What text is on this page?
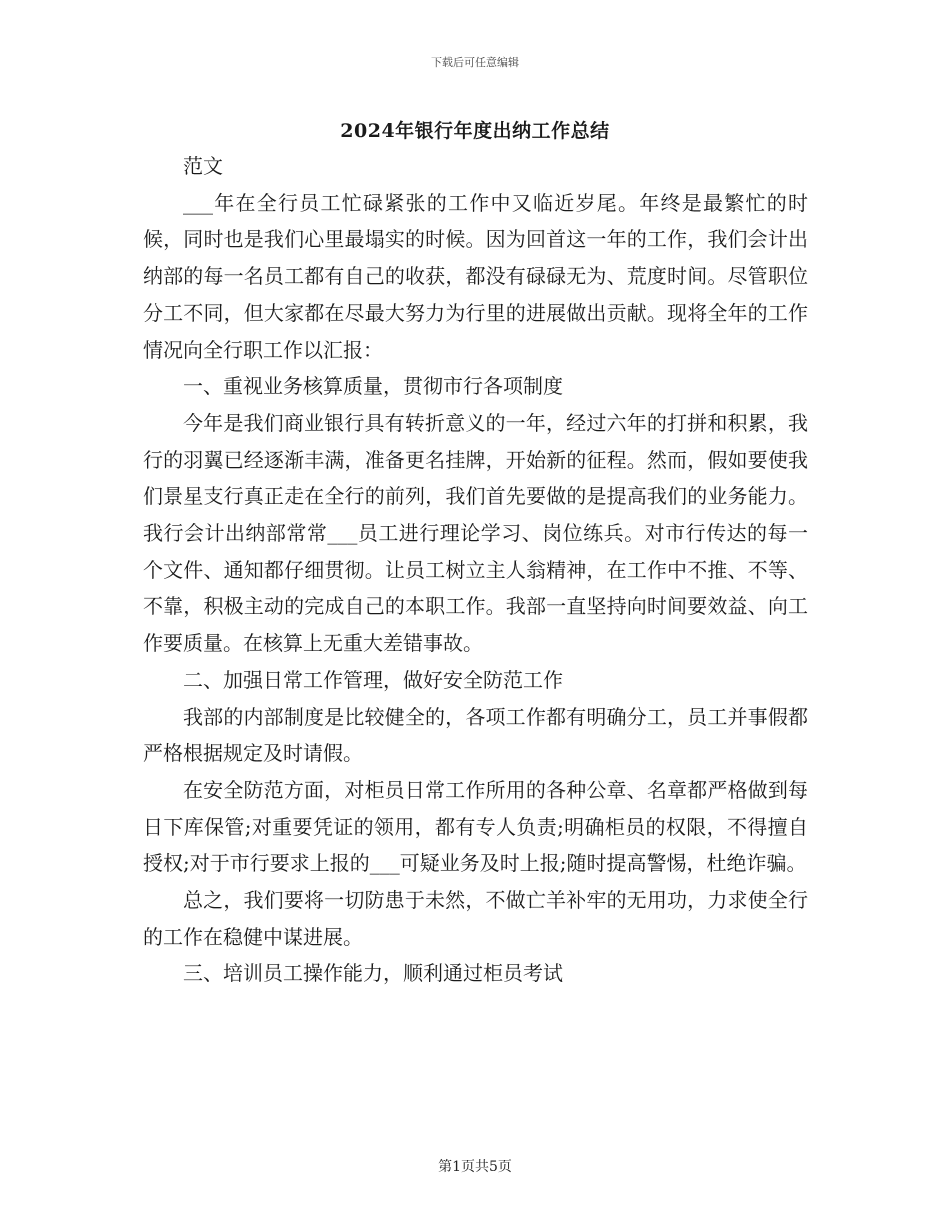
下载后可任意编辑
2024年银行年度出纳工作总结

范文

___年在全行员工忙碌紧张的工作中又临近岁尾。年终是最繁忙的时候，同时也是我们心里最塌实的时候。因为回首这一年的工作，我们会计出纳部的每一名员工都有自己的收获，都没有碌碌无为、荒度时间。尽管职位分工不同，但大家都在尽最大努力为行里的进展做出贡献。现将全年的工作情况向全行职工作以汇报：

一、重视业务核算质量，贯彻市行各项制度

今年是我们商业银行具有转折意义的一年，经过六年的打拼和积累，我行的羽翼已经逐渐丰满，准备更名挂牌，开始新的征程。然而，假如要使我们景星支行真正走在全行的前列，我们首先要做的是提高我们的业务能力。我行会计出纳部常常___员工进行理论学习、岗位练兵。对市行传达的每一个文件、通知都仔细贯彻。让员工树立主人翁精神，在工作中不推、不等、不靠，积极主动的完成自己的本职工作。我部一直坚持向时间要效益、向工作要质量。在核算上无重大差错事故。

二、加强日常工作管理，做好安全防范工作

我部的内部制度是比较健全的，各项工作都有明确分工，员工并事假都严格根据规定及时请假。

在安全防范方面，对柜员日常工作所用的各种公章、名章都严格做到每日下库保管;对重要凭证的领用，都有专人负责;明确柜员的权限，不得擅自授权;对于市行要求上报的___可疑业务及时上报;随时提高警惕，杜绝诈骗。

总之，我们要将一切防患于未然，不做亡羊补牢的无用功，力求使全行的工作在稳健中谋进展。

三、培训员工操作能力，顺利通过柜员考试

第1页共5页
